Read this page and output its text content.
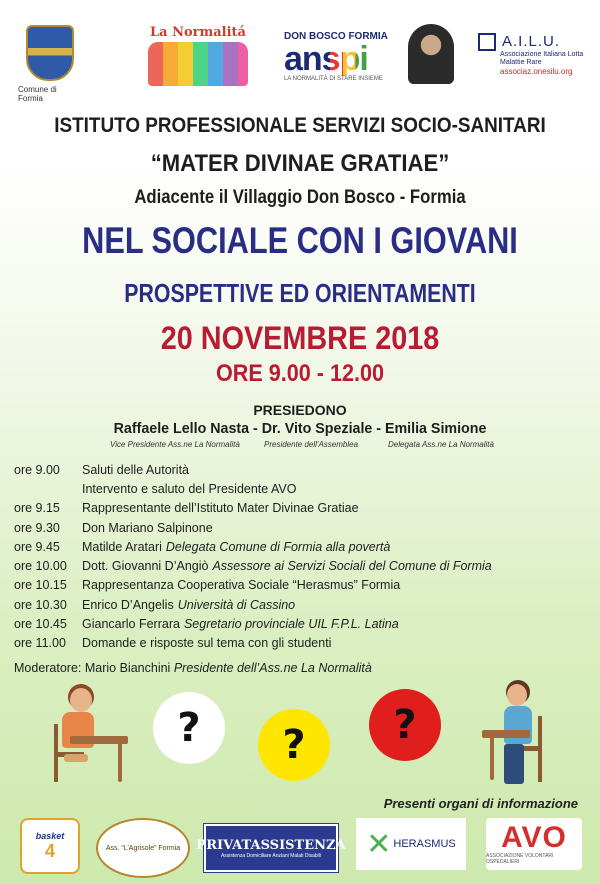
Comune di Formia
La Normalitá	DON BOSCO FORMIA
anspi
LA NORMALITÀ DI STARE INSIEME
A.I.L.U.
Associazione Italiana Lotta Malattie Rare
associaz.onesilu.org
ISTITUTO PROFESSIONALE SERVIZI SOCIO-SANITARI
“MATER DIVINAE GRATIAE”
Adiacente il Villaggio Don Bosco - Formia
NEL SOCIALE CON I GIOVANI
PROSPETTIVE ED ORIENTAMENTI
20 NOVEMBRE 2018
ORE 9.00 - 12.00
PRESIEDONO
Raffaele Lello Nasta - Dr. Vito Speziale - Emilia Simione
Vice Presidente Ass.ne La Normalità	Presidente dell'Assemblea	Delegata Ass.ne La Normalità
ore 9.00	Saluti delle Autorità
Intervento e saluto del Presidente AVO
ore 9.15	Rappresentante dell’Istituto Mater Divinae Gratiae
ore 9.30	Don Mariano Salpinone
ore 9.45	Matilde Aratari Delegata Comune di Formia alla povertà
ore 10.00	Dott. Giovanni D’Angiò Assessore ai Servizi Sociali del Comune di Formia
ore 10.15	Rappresentanza Cooperativa Sociale “Herasmus” Formia
ore 10.30	Enrico D’Angelis Università di Cassino
ore 10.45	Giancarlo Ferrara Segretario provinciale UIL F.P.L. Latina
ore 11.00	Domande e risposte sul tema con gli studenti
Moderatore: Mario Bianchini Presidente dell’Ass.ne La Normalità
?	?	?
Presenti organi di informazione
basket
4	Ass. “L’Agrisole” Formia PRIVATASSISTENZA
Assistenza Domiciliare Anziani Malati Disabili ✕ HERASMUS AVO
ASSOCIAZIONE VOLONTARI OSPEDALIERI
